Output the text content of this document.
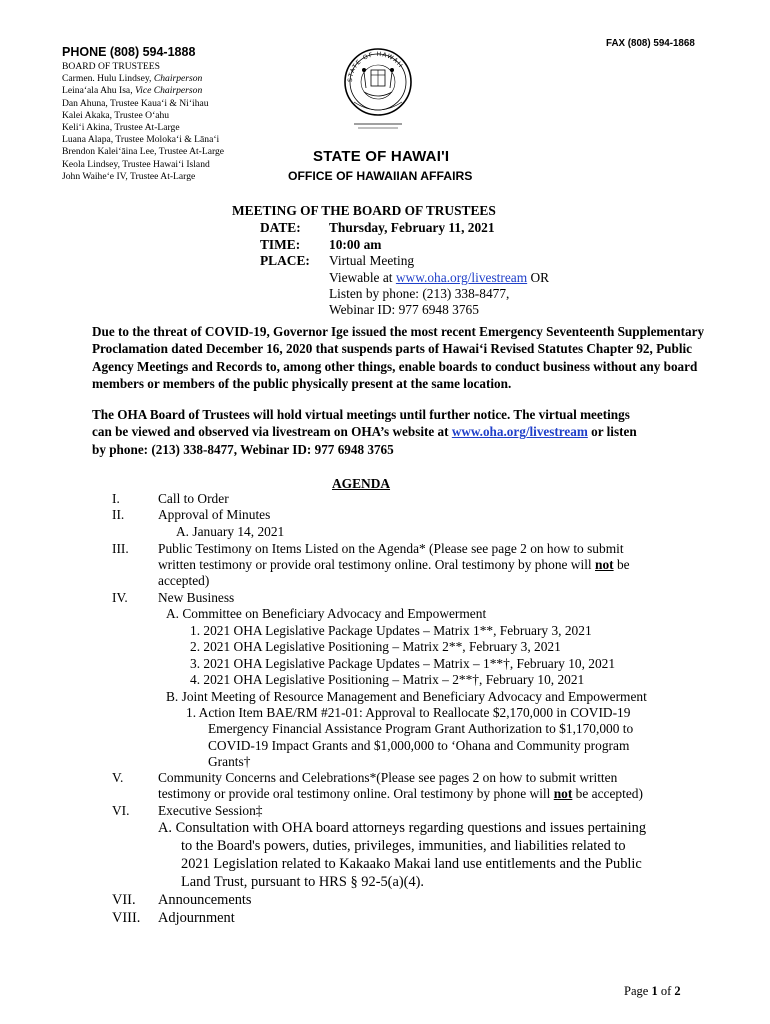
PHONE (808) 594-1888
FAX (808) 594-1868
BOARD OF TRUSTEES
Carmen. Hulu Lindsey, Chairperson
Leina‘ala Ahu Isa, Vice Chairperson
Dan Ahuna, Trustee Kaua‘i & Ni‘ihau
Kalei Akaka, Trustee O‘ahu
Keli‘i Akina, Trustee At-Large
Luana Alapa, Trustee Moloka‘i & Lāna‘i
Brendon Kalei‘āina Lee, Trustee At-Large
Keola Lindsey, Trustee Hawai‘i Island
John Waihe‘e IV, Trustee At-Large
STATE OF HAWAII
STATE OF HAWAI'I
OFFICE OF HAWAIIAN AFFAIRS
MEETING OF THE BOARD OF TRUSTEES
DATE: Thursday, February 11, 2021
TIME: 10:00 am
PLACE: Virtual Meeting
Viewable at www.oha.org/livestream OR
Listen by phone: (213) 338-8477,
Webinar ID: 977 6948 3765
Due to the threat of COVID-19, Governor Ige issued the most recent Emergency Seventeenth Supplementary
Proclamation dated December 16, 2020 that suspends parts of Hawai‘i Revised Statutes Chapter 92, Public
Agency Meetings and Records to, among other things, enable boards to conduct business without any board
members or members of the public physically present at the same location.
The OHA Board of Trustees will hold virtual meetings until further notice. The virtual meetings
can be viewed and observed via livestream on OHA’s website at www.oha.org/livestream or listen
by phone: (213) 338-8477, Webinar ID: 977 6948 3765
AGENDA
I.	Call to Order
II.	Approval of Minutes
A. January 14, 2021
III. Public Testimony on Items Listed on the Agenda* (Please see page 2 on how to submit
written testimony or provide oral testimony online. Oral testimony by phone will not be
accepted)
IV. New Business
A. Committee on Beneficiary Advocacy and Empowerment
1. 2021 OHA Legislative Package Updates – Matrix 1**, February 3, 2021
2. 2021 OHA Legislative Positioning – Matrix 2**, February 3, 2021
3. 2021 OHA Legislative Package Updates – Matrix – 1**†, February 10, 2021
4. 2021 OHA Legislative Positioning – Matrix – 2**†, February 10, 2021
B. Joint Meeting of Resource Management and Beneficiary Advocacy and Empowerment
1. Action Item BAE/RM #21-01: Approval to Reallocate $2,170,000 in COVID-19
Emergency Financial Assistance Program Grant Authorization to $1,170,000 to
COVID-19 Impact Grants and $1,000,000 to ‘Ohana and Community program
Grants†
V.	Community Concerns and Celebrations*(Please see pages 2 on how to submit written
testimony or provide oral testimony online. Oral testimony by phone will not be accepted)
VI. Executive Session‡
A. Consultation with OHA board attorneys regarding questions and issues pertaining
to the Board's powers, duties, privileges, immunities, and liabilities related to
2021 Legislation related to Kakaako Makai land use entitlements and the Public
Land Trust, pursuant to HRS § 92-5(a)(4).
VII. Announcements
VIII. Adjournment
Page 1 of 2
